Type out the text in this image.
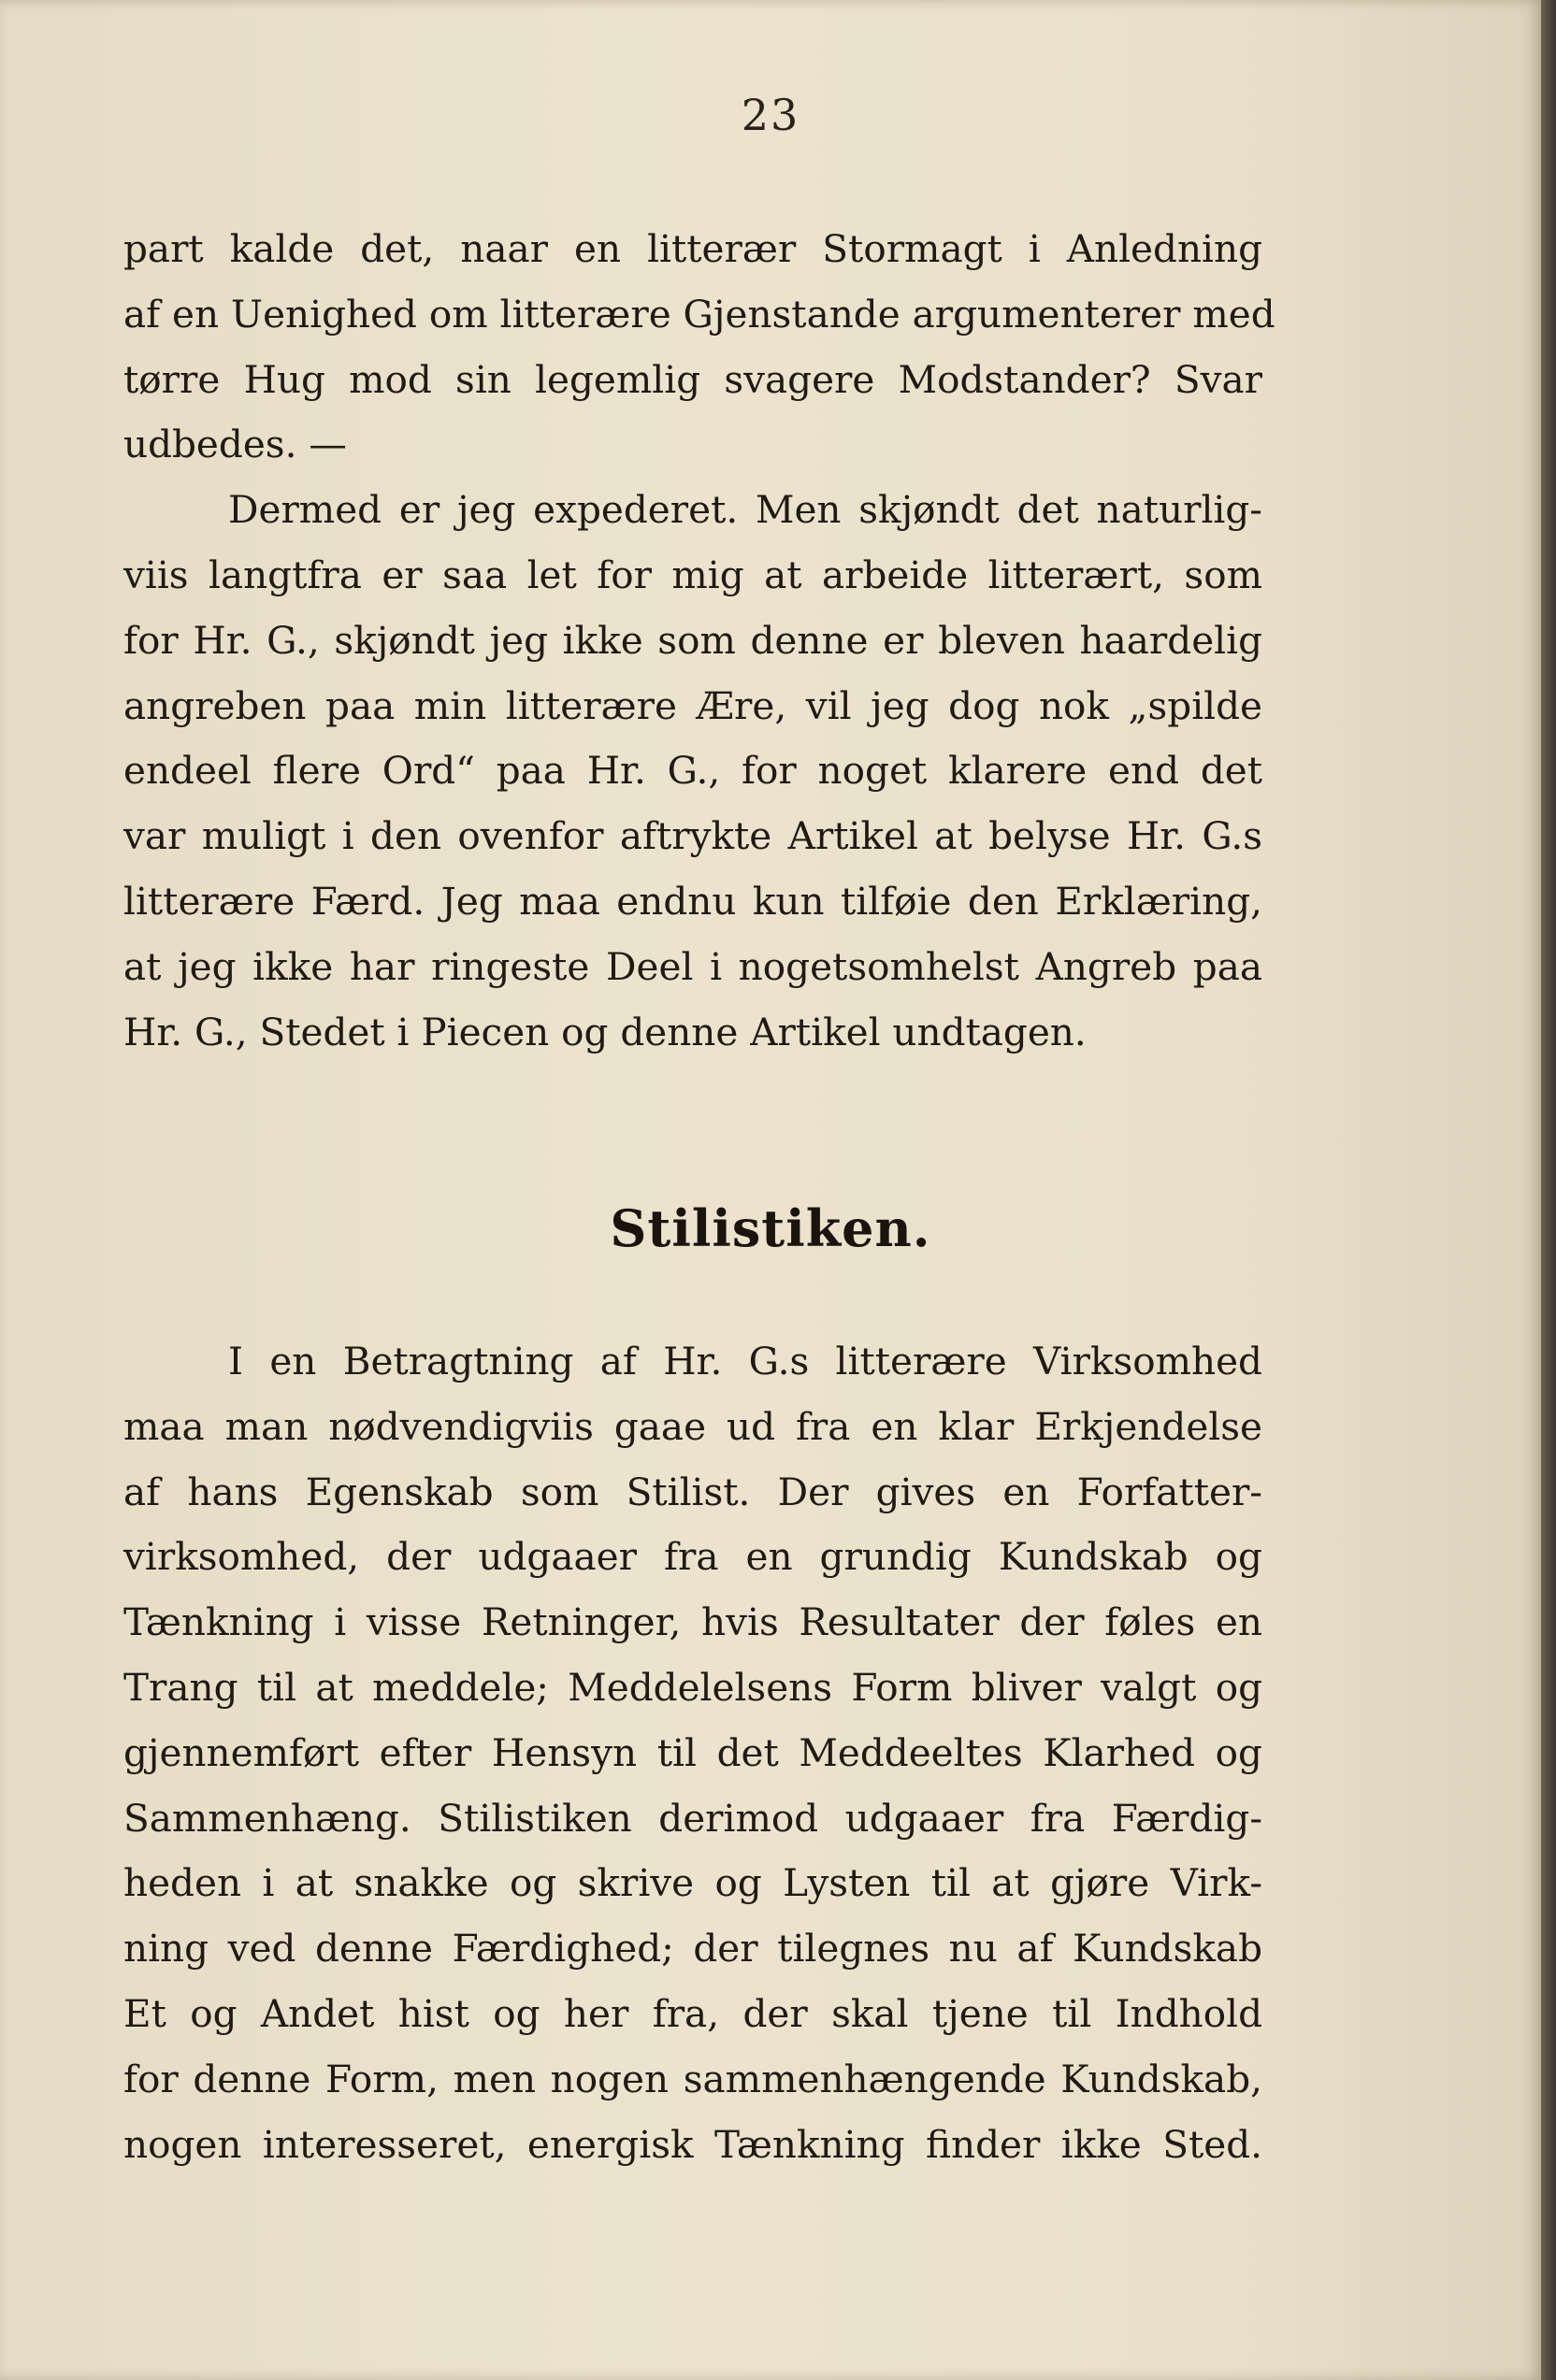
23
part kalde det, naar en litterær Stormagt i Anledning
af en Uenighed om litterære Gjenstande argumenterer med
tørre Hug mod sin legemlig svagere Modstander? Svar
udbedes. —
Dermed er jeg expederet. Men skjøndt det naturlig-
viis langtfra er saa let for mig at arbeide litterært, som
for Hr. G., skjøndt jeg ikke som denne er bleven haardelig
angreben paa min litterære Ære, vil jeg dog nok „spilde
endeel flere Ord“ paa Hr. G., for noget klarere end det
var muligt i den ovenfor aftrykte Artikel at belyse Hr. G.s
litterære Færd. Jeg maa endnu kun tilføie den Erklæring,
at jeg ikke har ringeste Deel i nogetsomhelst Angreb paa
Hr. G., Stedet i Piecen og denne Artikel undtagen.
Stilistiken.
I en Betragtning af Hr. G.s litterære Virksomhed
maa man nødvendigviis gaae ud fra en klar Erkjendelse
af hans Egenskab som Stilist. Der gives en Forfatter-
virksomhed, der udgaaer fra en grundig Kundskab og
Tænkning i visse Retninger, hvis Resultater der føles en
Trang til at meddele; Meddelelsens Form bliver valgt og
gjennemført efter Hensyn til det Meddeeltes Klarhed og
Sammenhæng. Stilistiken derimod udgaaer fra Færdig-
heden i at snakke og skrive og Lysten til at gjøre Virk-
ning ved denne Færdighed; der tilegnes nu af Kundskab
Et og Andet hist og her fra, der skal tjene til Indhold
for denne Form, men nogen sammenhængende Kundskab,
nogen interesseret, energisk Tænkning finder ikke Sted.
